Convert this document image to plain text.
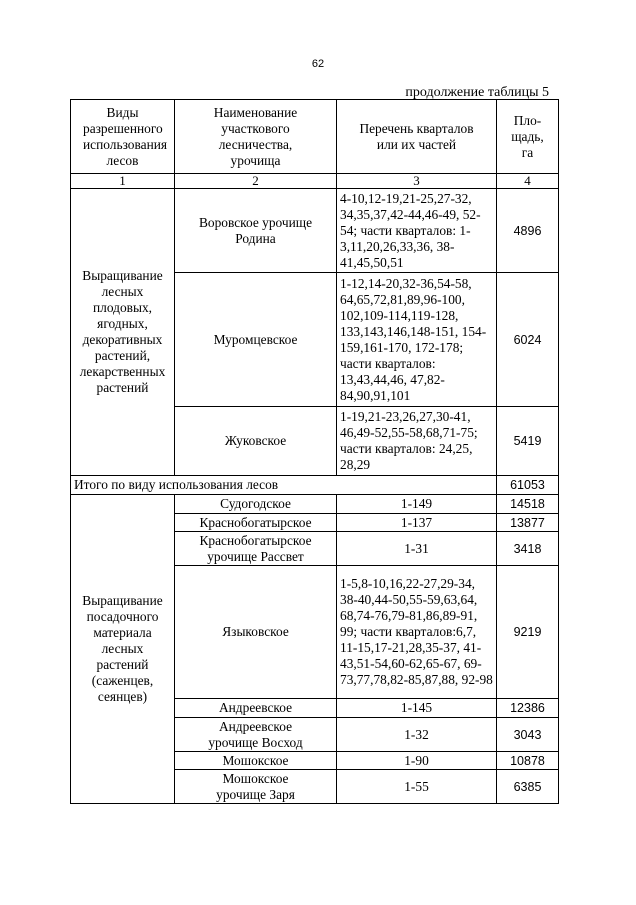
62
продолжение таблицы 5
Виды разрешенного использования лесов	Наименование участкового лесничества, урочища	Перечень кварталов или их частей	Пло-щадь, га
1	2	3	4
Выращивание лесных плодовых, ягодных, декоративных растений, лекарственных растений	Воровское урочище Родина	4-10,12-19,21-25,27-32, 34,35,37,42-44,46-49, 52-54; части кварталов: 1-3,11,20,26,33,36, 38-41,45,50,51	4896
	Муромцевское	1-12,14-20,32-36,54-58, 64,65,72,81,89,96-100, 102,109-114,119-128, 133,143,146,148-151, 154-159,161-170, 172-178; части кварталов: 13,43,44,46, 47,82-84,90,91,101	6024
	Жуковское	1-19,21-23,26,27,30-41, 46,49-52,55-58,68,71-75; части кварталов: 24,25, 28,29	5419
Итого по виду использования лесов			61053
Выращивание посадочного материала лесных растений (саженцев, сеянцев)	Судогодское	1-149	14518
	Краснобогатырское	1-137	13877
	Краснобогатырское урочище Рассвет	1-31	3418
	Языковское	1-5,8-10,16,22-27,29-34, 38-40,44-50,55-59,63,64, 68,74-76,79-81,86,89-91, 99; части кварталов:6,7, 11-15,17-21,28,35-37, 41-43,51-54,60-62,65-67, 69-73,77,78,82-85,87,88, 92-98	9219
	Андреевское	1-145	12386
	Андреевское урочище Восход	1-32	3043
	Мошокское	1-90	10878
	Мошокское урочище Заря	1-55	6385
